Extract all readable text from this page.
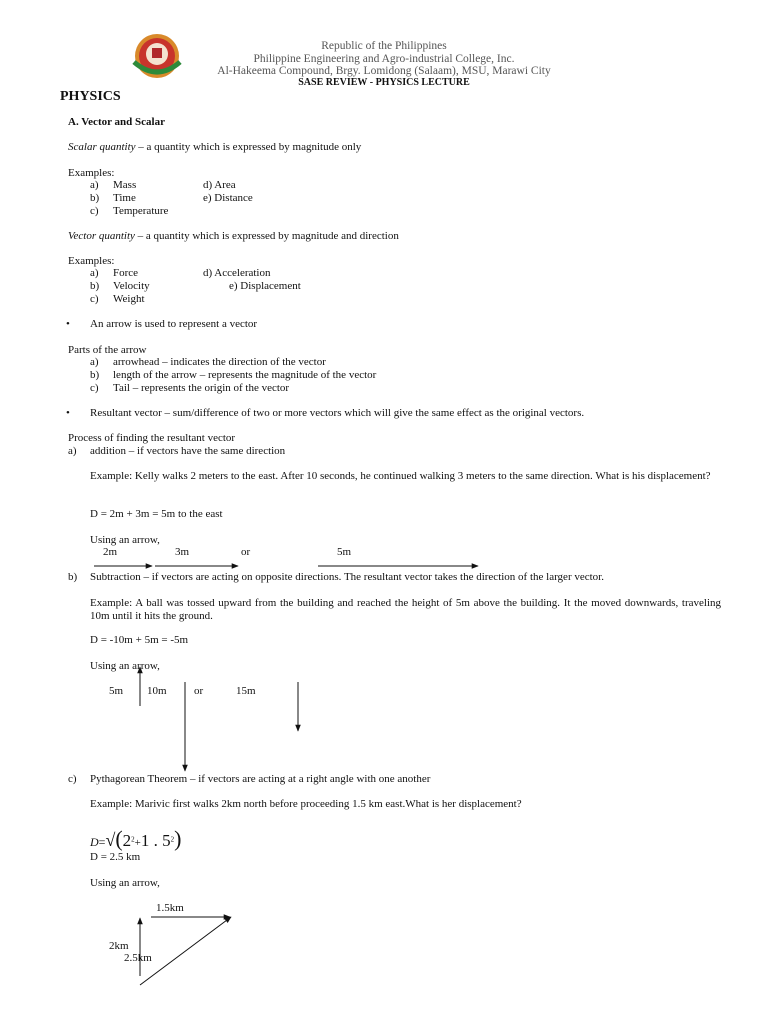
Republic of the Philippines
Philippine Engineering and Agro-industrial College, Inc.
Al-Hakeema Compound, Brgy. Lomidong (Salaam), MSU, Marawi City
SASE REVIEW - PHYSICS LECTURE
PHYSICS
A. Vector and Scalar
Scalar quantity – a quantity which is expressed by magnitude only
Examples:
a) Mass	d) Area
b) Time	e) Distance
c) Temperature
Vector quantity – a quantity which is expressed by magnitude and direction
Examples:
a) Force	d) Acceleration
b) Velocity	e) Displacement
c) Weight
• An arrow is used to represent a vector
Parts of the arrow
a) arrowhead – indicates the direction of the vector
b) length of the arrow – represents the magnitude of the vector
c) Tail – represents the origin of the vector
• Resultant vector – sum/difference of two or more vectors which will give the same effect as the original vectors.
Process of finding the resultant vector
a) addition – if vectors have the same direction
Example: Kelly walks 2 meters to the east. After 10 seconds, he continued walking 3 meters to the same direction. What is his displacement?
D = 2m + 3m = 5m to the east
Using an arrow,
2m	3m	or	5m
b) Subtraction – if vectors are acting on opposite directions. The resultant vector takes the direction of the larger vector.
Example: A ball was tossed upward from the building and reached the height of 5m above the building. It the moved downwards, traveling 10m until it hits the ground.
D = -10m + 5m = -5m
Using an arrow,
5m 10m or	15m
c) Pythagorean Theorem – if vectors are acting at a right angle with one another
Example: Marivic first walks 2km north before proceeding 1.5 km east.What is her displacement?
$D=√(2^2+1$ . $5^2$)
D = 2.5 km
Using an arrow,
1.5km
2km
2.5km
